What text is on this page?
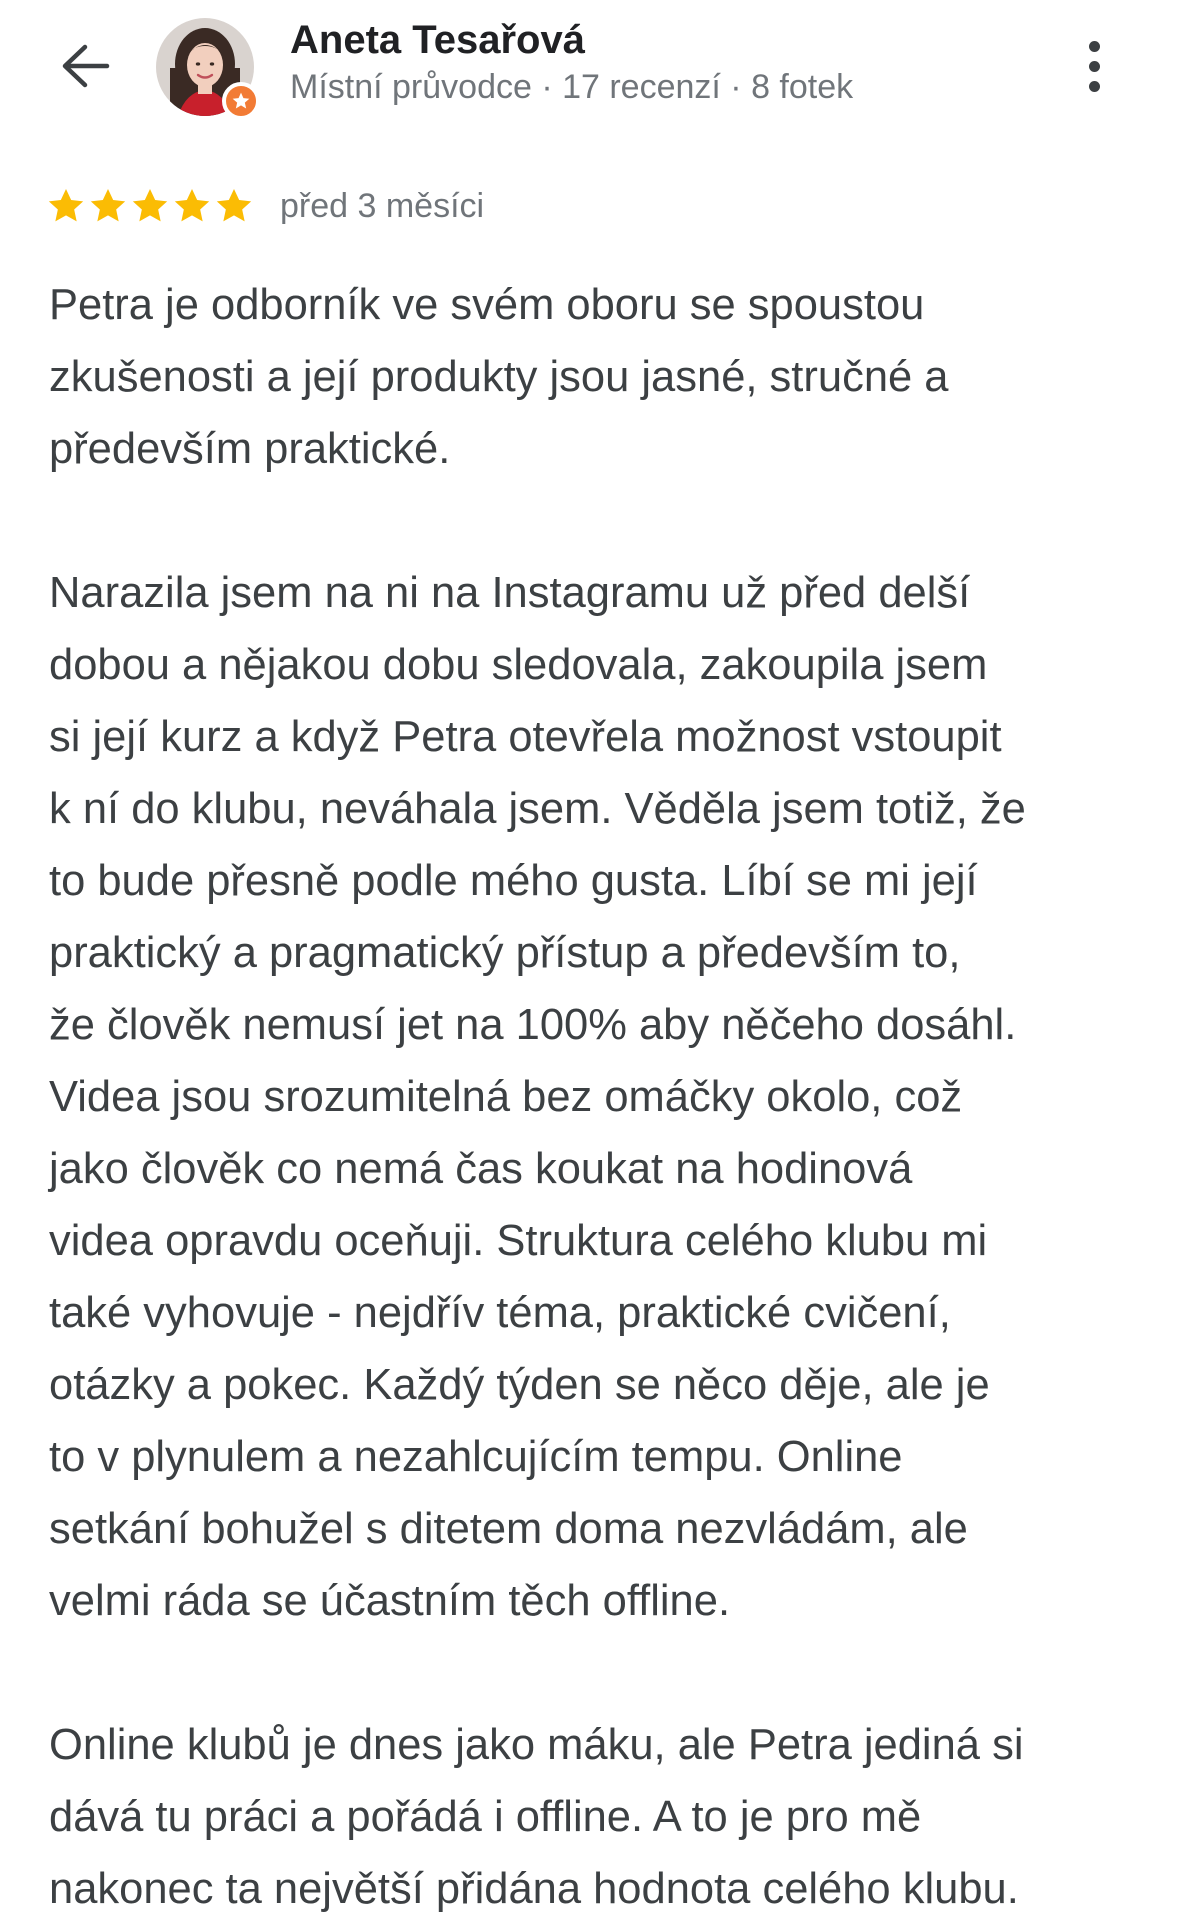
Aneta Tesařová
Místní průvodce · 17 recenzí · 8 fotek
před 3 měsíci

Petra je odborník ve svém oboru se spoustou

zkušenosti a její produkty jsou jasné, stručné a

především praktické.

Narazila jsem na ni na Instagramu už před delší

dobou a nějakou dobu sledovala, zakoupila jsem

si její kurz a když Petra otevřela možnost vstoupit

k ní do klubu, neváhala jsem. Věděla jsem totiž, že

to bude přesně podle mého gusta. Líbí se mi její

praktický a pragmatický přístup a především to,

že člověk nemusí jet na 100% aby něčeho dosáhl.

Videa jsou srozumitelná bez omáčky okolo, což

jako člověk co nemá čas koukat na hodinová

videa opravdu oceňuji. Struktura celého klubu mi

také vyhovuje - nejdřív téma, praktické cvičení,

otázky a pokec. Každý týden se něco děje, ale je

to v plynulem a nezahlcujícím tempu. Online

setkání bohužel s ditetem doma nezvládám, ale

velmi ráda se účastním těch offline.

Online klubů je dnes jako máku, ale Petra jediná si

dává tu práci a pořádá i offline. A to je pro mě

nakonec ta největší přidána hodnota celého klubu.
